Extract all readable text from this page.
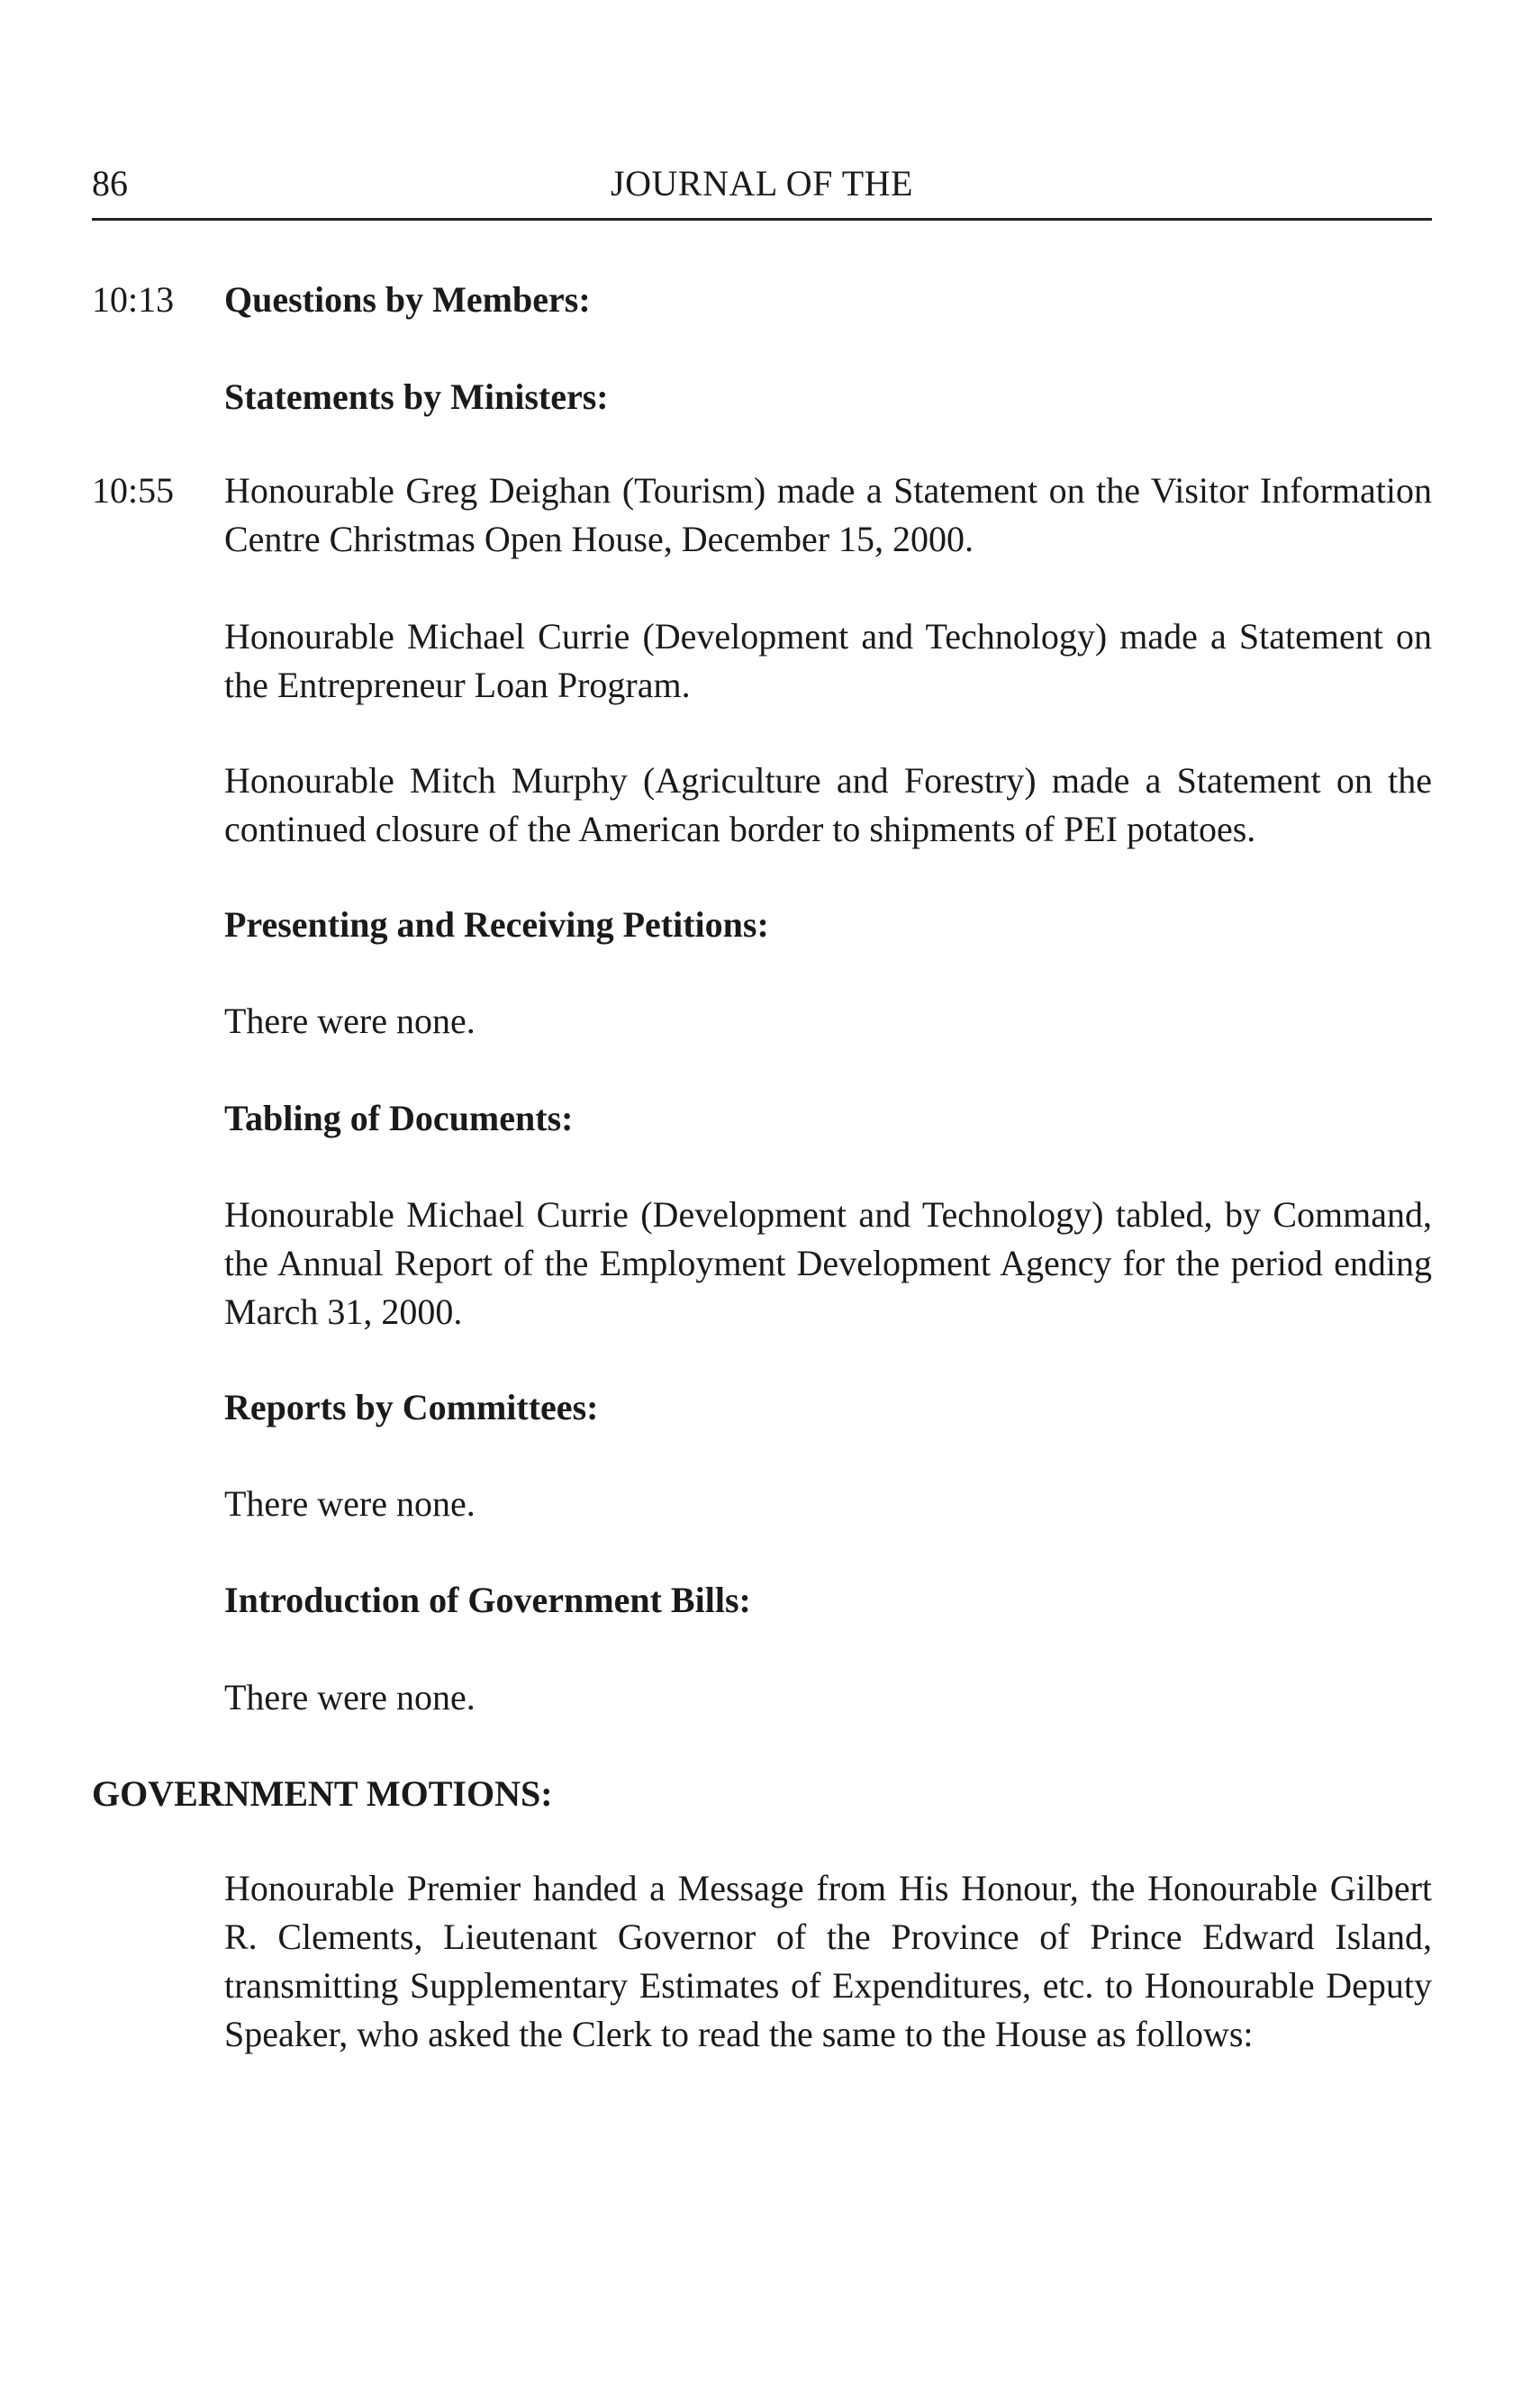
86	JOURNAL OF THE
10:13 Questions by Members:
Statements by Ministers:
10:55 Honourable Greg Deighan (Tourism) made a Statement on the Visitor Information Centre Christmas Open House, December 15, 2000.
Honourable Michael Currie (Development and Technology) made a Statement on the Entrepreneur Loan Program.
Honourable Mitch Murphy (Agriculture and Forestry) made a Statement on the continued closure of the American border to shipments of PEI potatoes.
Presenting and Receiving Petitions:
There were none.
Tabling of Documents:
Honourable Michael Currie (Development and Technology) tabled, by Command, the Annual Report of the Employment Development Agency for the period ending March 31, 2000.
Reports by Committees:
There were none.
Introduction of Government Bills:
There were none.
GOVERNMENT MOTIONS:
Honourable Premier handed a Message from His Honour, the Honourable Gilbert R. Clements, Lieutenant Governor of the Province of Prince Edward Island, transmitting Supplementary Estimates of Expenditures, etc. to Honourable Deputy Speaker, who asked the Clerk to read the same to the House as follows:
